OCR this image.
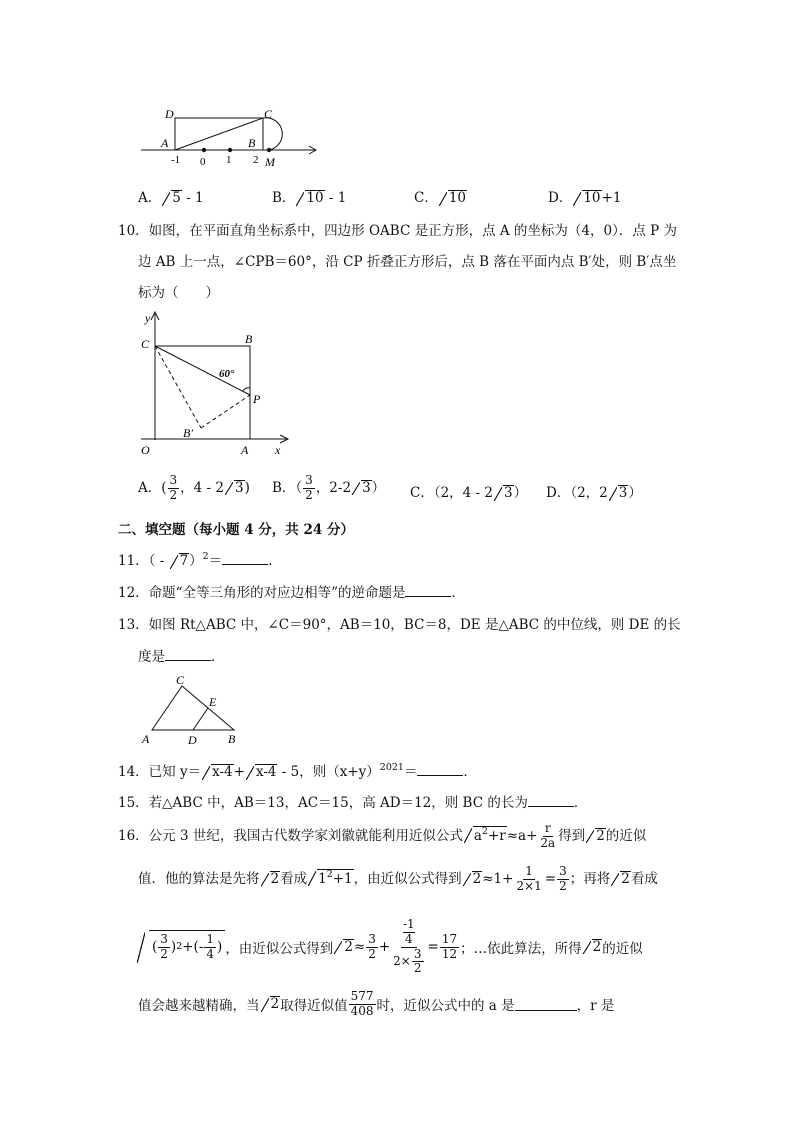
D	C
A	B
-1 0 1 2 M
A． 5 - 1	B． 10 - 1	C． 10	D． 10+1
10．如图，在平面直角坐标系中，四边形 OABC 是正方形，点 A 的坐标为（4，0）．点 P 为
边 AB 上一点，∠CPB＝60°，沿 CP 折叠正方形后，点 B 落在平面内点 B′处，则 B′点坐
标为（　　）
y
x
B
C
P
B′
O	A
60°
A．( $\frac{3}{2}$ ，4 - 2 3) B．（ $\frac{3}{2}$ ，2-2 3） C．（2，4 - 2 3） D．（2，2 3）
二、填空题（每小题 4 分，共 24 分）
11．（ - 7）$^2$＝	．
12．命题“全等三角形的对应边相等”的逆命题是	．
13．如图 Rt△ABC 中，∠C＝90°，AB＝10，BC＝8，DE 是△ABC 的中位线，则 DE 的长
度是	．
C
E
A	D	B
14．已知 y＝ x-4+ x-4 - 5，则$(x+y)^{2021}=$	．
15．若△ABC 中，AB＝13，AC＝15，高 AD＝12，则 BC 的长为	．
16．公元 3 世纪，我国古代数学家刘徽就能利用近似公式 $a^2+r\approx a+ \frac{r}{2a}$ 得到 2的近似
值．他的算法是先将 2看成 $1^2+1$，由近似公式得到 $2\approx 1+ \frac{1}{2\times 1} = \frac{3}{2}$ ；再将 2看成
( $\frac{3}{2}$ ) 2 +(- $\frac{1}{4}$ ) ，由近似公式得到 $2 \approx \frac{3}{2} + \frac{\frac{-1}{4}}{2\times \frac{3}{2}} = \frac{17}{12}$ ；…依此算法，所得 2 的近似
值会越来越精确，当 2 取得近似值 $\frac{577}{408}$ 时，近似公式中的 a 是	，r 是
